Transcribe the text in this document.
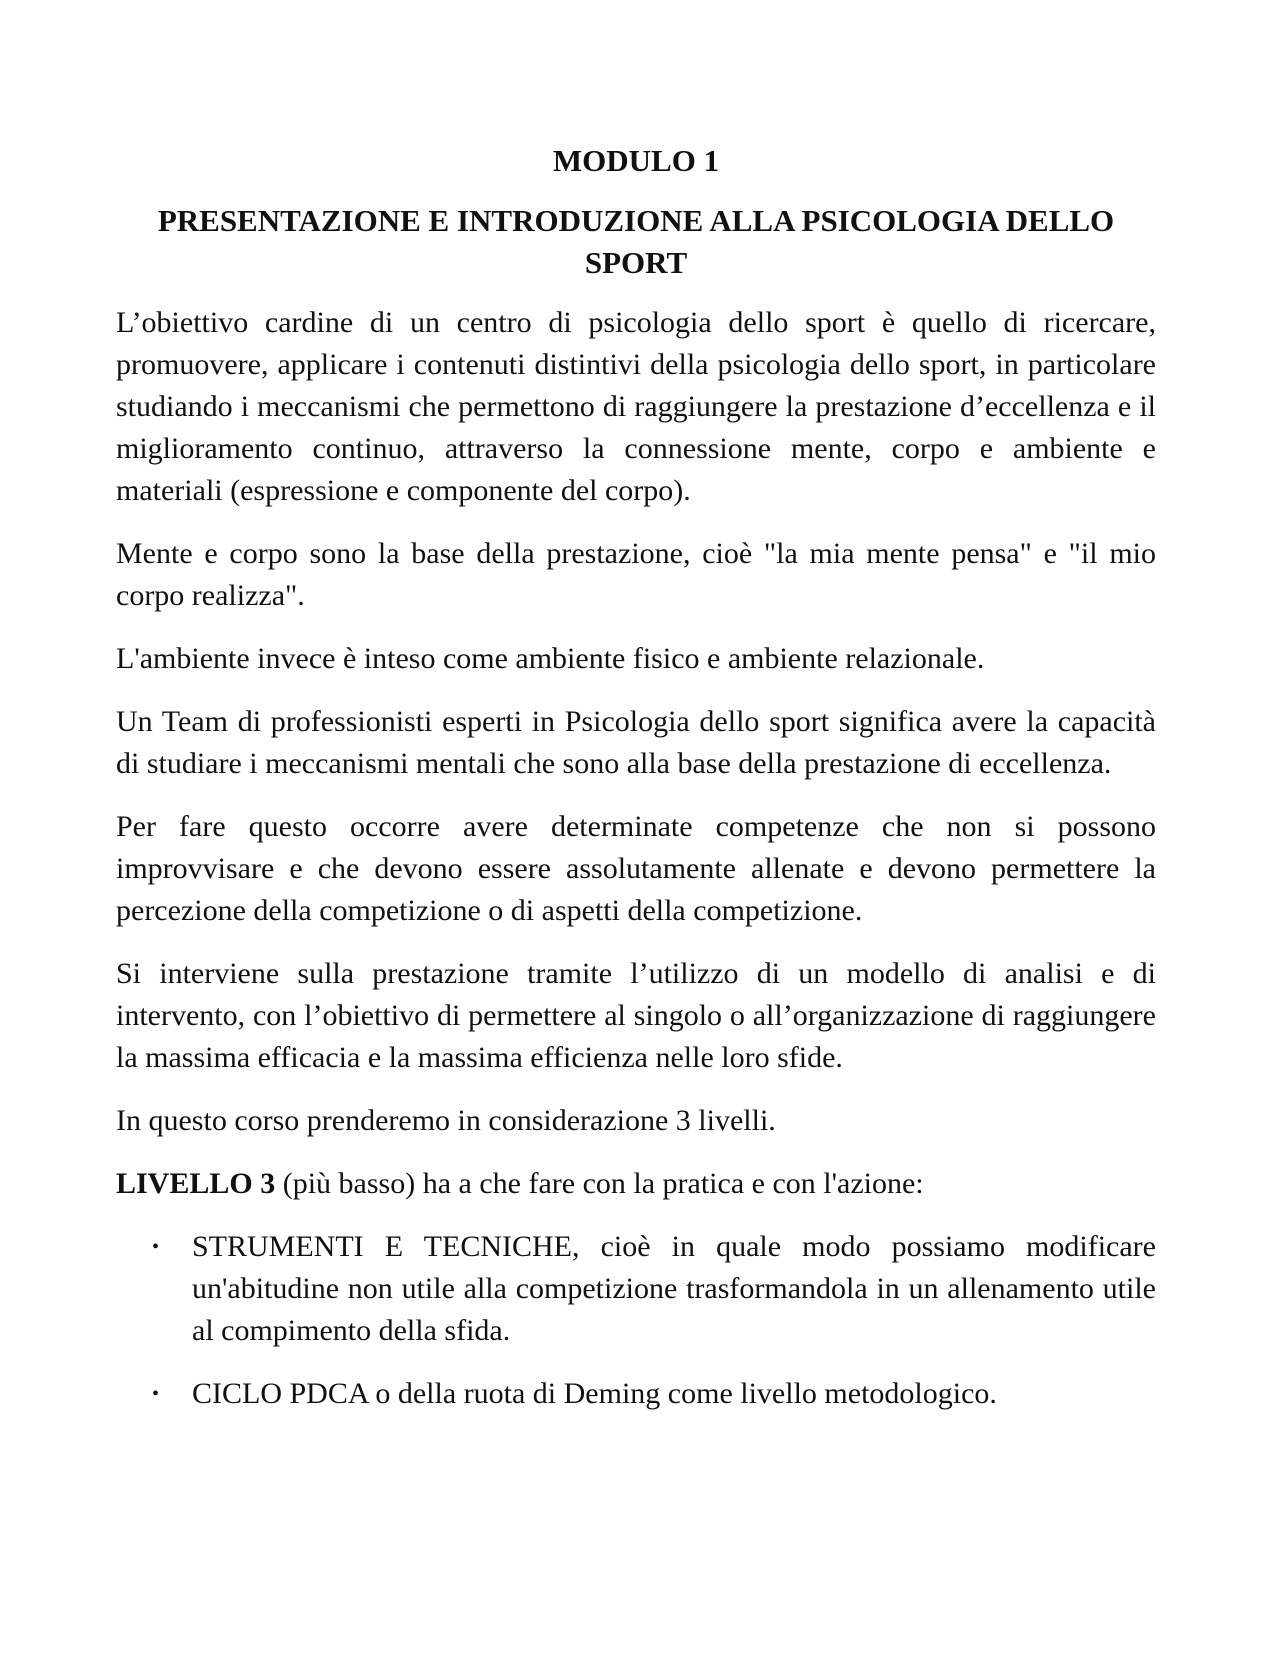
MODULO 1
PRESENTAZIONE E INTRODUZIONE ALLA PSICOLOGIA DELLO SPORT

L’obiettivo cardine di un centro di psicologia dello sport è quello di ricercare, promuovere, applicare i contenuti distintivi della psicologia dello sport, in particolare studiando i meccanismi che permettono di raggiungere la prestazione d’eccellenza e il miglioramento continuo, attraverso la connessione mente, corpo e ambiente e materiali (espressione e componente del corpo).

Mente e corpo sono la base della prestazione, cioè "la mia mente pensa" e "il mio corpo realizza".

L'ambiente invece è inteso come ambiente fisico e ambiente relazionale.

Un Team di professionisti esperti in Psicologia dello sport significa avere la capacità di studiare i meccanismi mentali che sono alla base della prestazione di eccellenza.

Per fare questo occorre avere determinate competenze che non si possono improvvisare e che devono essere assolutamente allenate e devono permettere la percezione della competizione o di aspetti della competizione.

Si interviene sulla prestazione tramite l’utilizzo di un modello di analisi e di intervento, con l’obiettivo di permettere al singolo o all’organizzazione di raggiungere la massima efficacia e la massima efficienza nelle loro sfide.

In questo corso prenderemo in considerazione 3 livelli.

LIVELLO 3 (più basso) ha a che fare con la pratica e con l'azione:

• STRUMENTI E TECNICHE, cioè in quale modo possiamo modificare un'abitudine non utile alla competizione trasformandola in un allenamento utile al compimento della sfida.
• CICLO PDCA o della ruota di Deming come livello metodologico.
